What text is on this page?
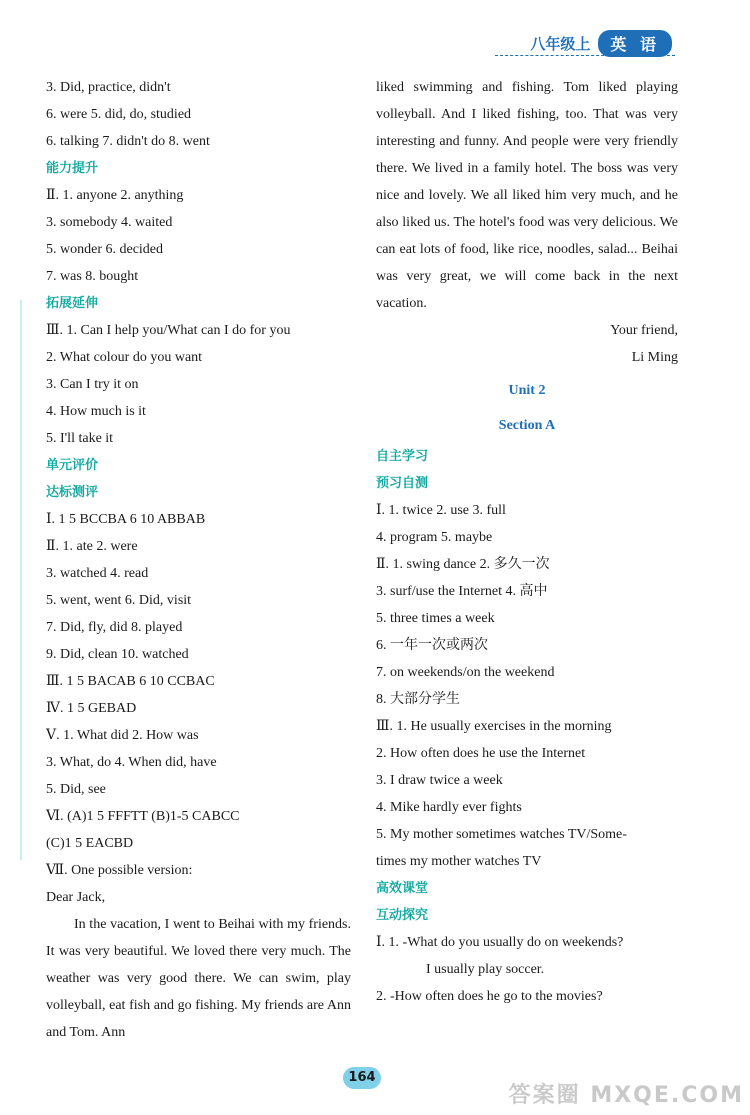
八年级上	英 语
3. Did, practice, didn't
6. were 5. did, do, studied
6. talking 7. didn't do 8. went
能力提升
Ⅱ. 1. anyone 2. anything
3. somebody 4. waited
5. wonder 6. decided
7. was 8. bought
拓展延伸
Ⅲ. 1. Can I help you/What can I do for you
2. What colour do you want
3. Can I try it on
4. How much is it
5. I'll take it
单元评价
达标测评
Ⅰ. 1 5 BCCBA 6 10 ABBAB
Ⅱ. 1. ate 2. were
3. watched 4. read
5. went, went 6. Did, visit
7. Did, fly, did 8. played
9. Did, clean 10. watched
Ⅲ. 1 5 BACAB 6 10 CCBAC
Ⅳ. 1 5 GEBAD
Ⅴ. 1. What did 2. How was
3. What, do 4. When did, have
5. Did, see
Ⅵ. (A)1 5 FFFTT (B)1-5 CABCC
(C)1 5 EACBD
Ⅶ. One possible version:
Dear Jack,
In the vacation, I went to Beihai with my friends. It was very beautiful. We loved there very much. The weather was very good there. We can swim, play volleyball, eat fish and go fishing. My friends are Ann and Tom. Ann
liked swimming and fishing. Tom liked playing volleyball. And I liked fishing, too. That was very interesting and funny. And people were very friendly there. We lived in a family hotel. The boss was very nice and lovely. We all liked him very much, and he also liked us. The hotel's food was very delicious. We can eat lots of food, like rice, noodles, salad... Beihai was very great, we will come back in the next vacation.
Your friend,
Li Ming
Unit 2
Section A
自主学习
预习自测
Ⅰ. 1. twice 2. use 3. full
4. program 5. maybe
Ⅱ. 1. swing dance 2. 多久一次
3. surf/use the Internet 4. 高中
5. three times a week
6. 一年一次或两次
7. on weekends/on the weekend
8. 大部分学生
Ⅲ. 1. He usually exercises in the morning
2. How often does he use the Internet
3. I draw twice a week
4. Mike hardly ever fights
5. My mother sometimes watches TV/Some-
times my mother watches TV
高效课堂
互动探究
Ⅰ. 1. -What do you usually do on weekends?
I usually play soccer.
2. -How often does he go to the movies?
164
答案圈 MXQE.COM
